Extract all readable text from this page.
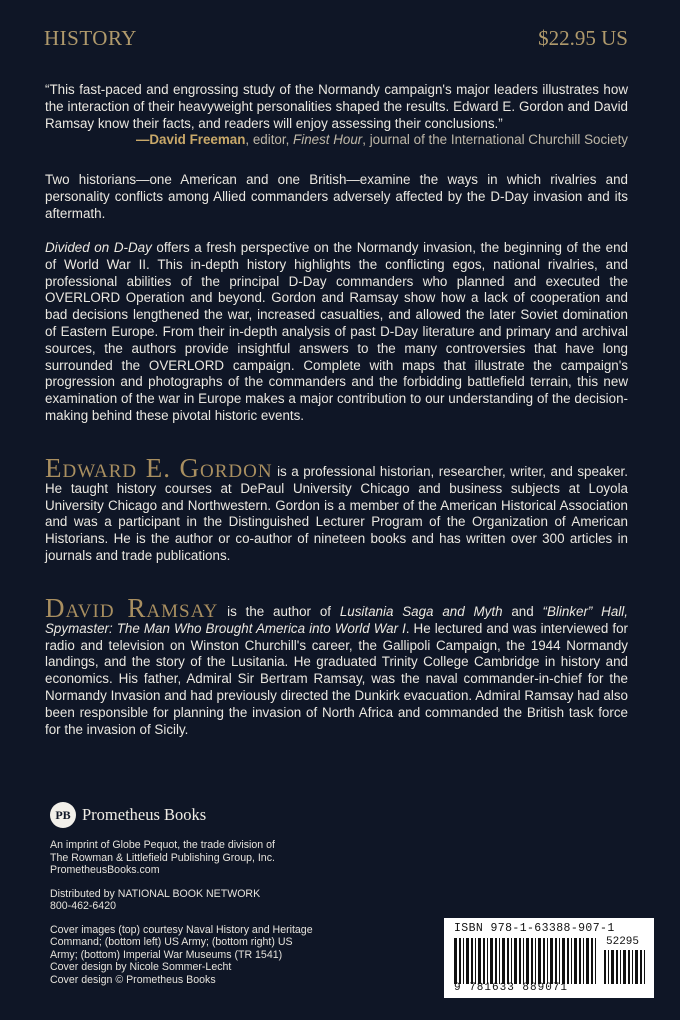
HISTORY	$22.95 US
“This fast-paced and engrossing study of the Normandy campaign's major leaders illustrates how the interaction of their heavyweight personalities shaped the results. Edward E. Gordon and David Ramsay know their facts, and readers will enjoy assessing their conclusions.”
—David Freeman, editor, Finest Hour, journal of the International Churchill Society
Two historians—one American and one British—examine the ways in which rivalries and personality conflicts among Allied commanders adversely affected by the D-Day invasion and its aftermath.
Divided on D-Day offers a fresh perspective on the Normandy invasion, the beginning of the end of World War II. This in-depth history highlights the conflicting egos, national rivalries, and professional abilities of the principal D-Day commanders who planned and executed the OVERLORD Operation and beyond. Gordon and Ramsay show how a lack of cooperation and bad decisions lengthened the war, increased casualties, and allowed the later Soviet domination of Eastern Europe. From their in-depth analysis of past D-Day literature and primary and archival sources, the authors provide insightful answers to the many controversies that have long surrounded the OVERLORD campaign. Complete with maps that illustrate the campaign's progression and photographs of the commanders and the forbidding battlefield terrain, this new examination of the war in Europe makes a major contribution to our understanding of the decision-making behind these pivotal historic events.
Edward E. Gordon is a professional historian, researcher, writer, and speaker. He taught history courses at DePaul University Chicago and business subjects at Loyola University Chicago and Northwestern. Gordon is a member of the American Historical Association and was a participant in the Distinguished Lecturer Program of the Organization of American Historians. He is the author or co-author of nineteen books and has written over 300 articles in journals and trade publications.
David Ramsay is the author of Lusitania Saga and Myth and “Blinker” Hall, Spymaster: The Man Who Brought America into World War I. He lectured and was interviewed for radio and television on Winston Churchill's career, the Gallipoli Campaign, the 1944 Normandy landings, and the story of the Lusitania. He graduated Trinity College Cambridge in history and economics. His father, Admiral Sir Bertram Ramsay, was the naval commander-in-chief for the Normandy Invasion and had previously directed the Dunkirk evacuation. Admiral Ramsay had also been responsible for planning the invasion of North Africa and commanded the British task force for the invasion of Sicily.
PB Prometheus Books
An imprint of Globe Pequot, the trade division of
The Rowman & Littlefield Publishing Group, Inc.
PrometheusBooks.com
Distributed by NATIONAL BOOK NETWORK
800-462-6420
Cover images (top) courtesy Naval History and Heritage
Command; (bottom left) US Army; (bottom right) US
Army; (bottom) Imperial War Museums (TR 1541)
Cover design by Nicole Sommer-Lecht
Cover design © Prometheus Books
ISBN 978-1-63388-907-1
52295
9 781633 889071
